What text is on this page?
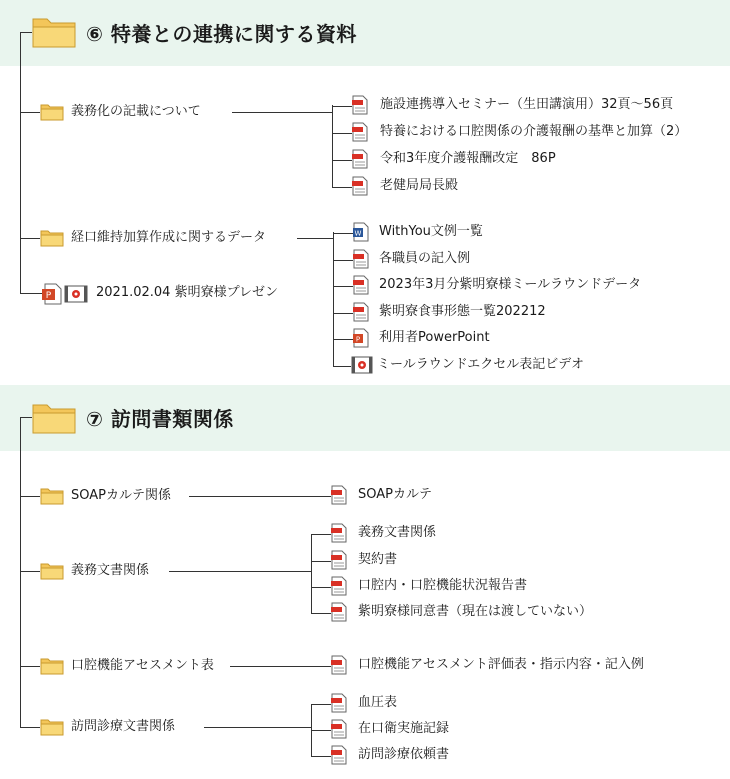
⑥ 特養との連携に関する資料
義務化の記載について	施設連携導入セミナー（生田講演用）32頁～56頁
特養における口腔関係の介護報酬の基準と加算（2）
令和3年度介護報酬改定　86P
老健局局長殿
経口維持加算作成に関するデータ	W WithYou文例一覧
各職員の記入例
2023年3月分紫明寮様ミールラウンドデータ
紫明寮食事形態一覧202212
P 利用者PowerPoint
ミールラウンドエクセル表記ビデオ
P	2021.02.04 紫明寮様プレゼン
⑦ 訪問書類関係
SOAPカルテ関係	SOAPカルテ
義務文書関係
義務文書関係
契約書
口腔内・口腔機能状況報告書
紫明寮様同意書（現在は渡していない）
口腔機能アセスメント表	口腔機能アセスメント評価表・指示内容・記入例
訪問診療文書関係
血圧表
在口衛実施記録
訪問診療依頼書
